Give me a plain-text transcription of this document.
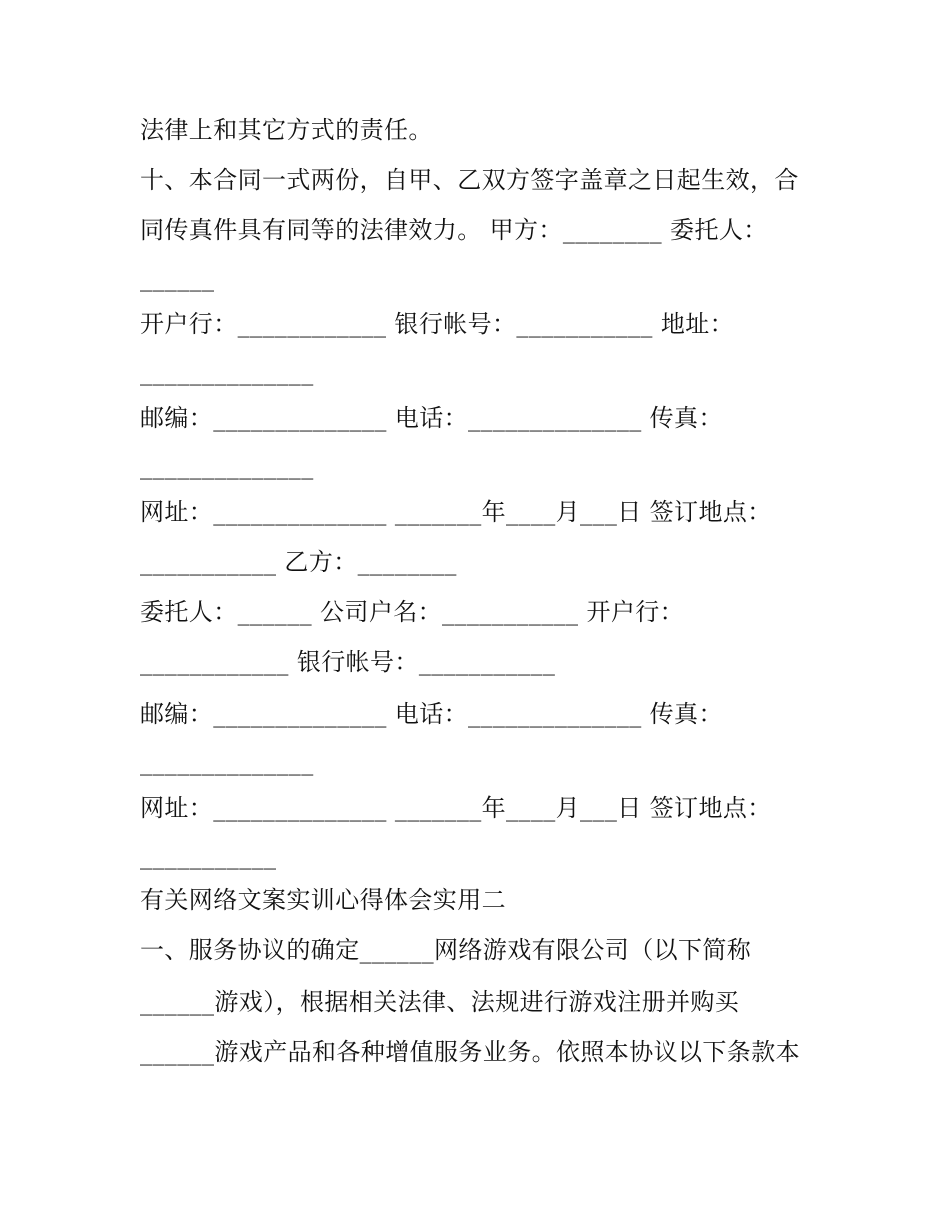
法律上和其它方式的责任。
十、本合同一式两份，自甲、乙双方签字盖章之日起生效，合
同传真件具有同等的法律效力。 甲方：________ 委托人：
______
开户行：____________ 银行帐号：___________ 地址：
______________
邮编：______________ 电话：______________ 传真：
______________
网址：______________ _______年____月___日 签订地点：
___________ 乙方：________
委托人：______ 公司户名：___________ 开户行：
____________ 银行帐号：___________
邮编：______________ 电话：______________ 传真：
______________
网址：______________ _______年____月___日 签订地点：
___________
有关网络文案实训心得体会实用二
一、服务协议的确定______网络游戏有限公司（以下简称
______游戏），根据相关法律、法规进行游戏注册并购买
______游戏产品和各种增值服务业务。依照本协议以下条款本
